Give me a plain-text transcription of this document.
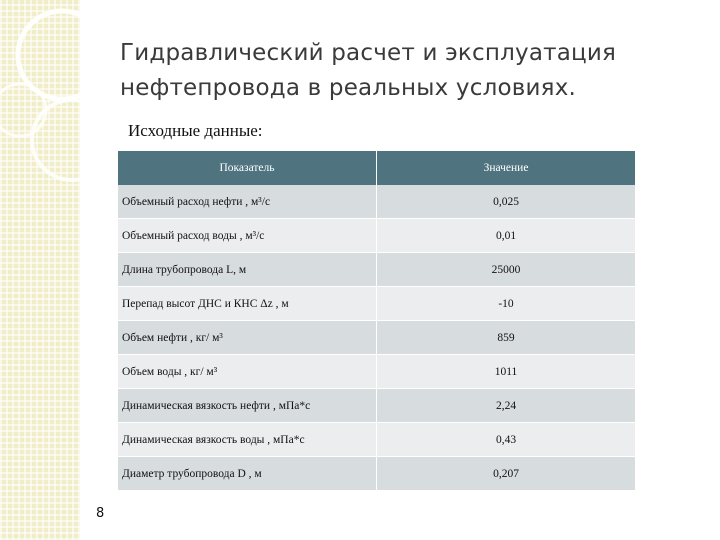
Гидравлический расчет и эксплуатация
нефтепровода в реальных условиях.
Исходные данные:
Показатель	Значение
Объемный расход нефти , м³/с	0,025
Объемный расход воды , м³/с	0,01
Длина трубопровода L, м	25000
Перепад высот ДНС и КНС Δz , м	-10
Объем нефти , кг/ м³	859
Объем воды , кг/ м³	1011
Динамическая вязкость нефти , мПа*с	2,24
Динамическая вязкость воды , мПа*с	0,43
Диаметр трубопровода D , м	0,207
8
